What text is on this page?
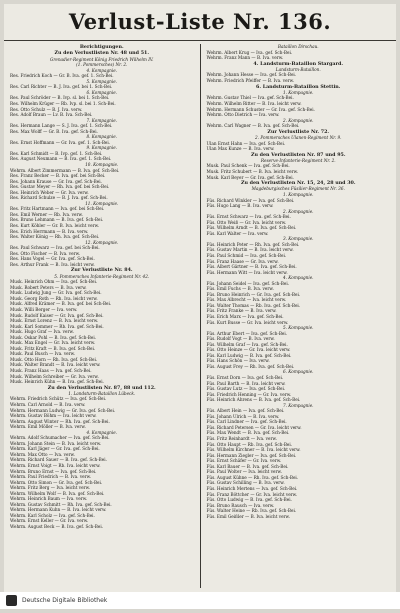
Verlust-Liste Nr. 136.
Berichtigungen.
Zu den Verlustlisten Nr. 48 und 51.
Grenadier-Regiment König Friedrich Wilhelm IV.
(1. Pommersches) Nr. 2.
4. Kompagnie.
Res. Friedrich Koch — Gr. B. Iva. gef. 1. Sch-Bei.
5. Kompagnie.
Res. Carl Richter — B. J. Iva. gef. bei 1. Sch-Bei.
6. Kompagnie.
Res. Paul Schröder — B. Ivp. sl. bei 1. Sch-Bei.
Res. Wilhelm Krüger — Rb. Ivp. sl. bei 1. Sch-Bei.
Res. Otto Schulz — B. J. Iva. verw.
Res. Adolf Braun — Lv. B. Iva. Sch-Bei.
7. Kompagnie.
Res. Hermann Lange — S. J. Iva. gef. 1. Sch-Bei.
Res. Max Wolff — Gr. B. Iva. gef. Sch-Bei.
8. Kompagnie.
Res. Ernst Hoffmann — Gr. Iva. gef. 1. Sch-Bei.
9. Kompagnie.
Res. Karl Schmidt — B. Ivp. gef. 1. Sch-Bei.
Res. August Neumann — B. Iva. gef. 1. Sch-Bei.
10. Kompagnie.
Wehrm. Albert Zimmermann — B. Iva. gef. Sch-Bei.
Res. Franz Becker — B. Iva. gef. bei Sch-Bei.
Res. Johann Krause — Gr. Iva. gef. Sch-Bei.
Res. Gustav Meyer — Rh. Iva. gef. bei Sch-Bei.
Res. Heinrich Weber — Gr. Iva. verw.
Res. Richard Schulze — B. J. Iva. gef. Sch-Bei.
11. Kompagnie.
Res. Fritz Hartmann — Iva. gef. bei Sch-Bei.
Res. Emil Werner — Rb. Iva. verw.
Res. Bruno Lehmann — B. Iva. gef. Sch-Bei.
Res. Kurt Köhler — Gr. B. Iva. leicht verw.
Res. Erich Herrmann — B. Iva. verw.
Res. Walter König — Rh. Iva. gef. Sch-Bei.
12. Kompagnie.
Res. Paul Schwarz — Iva. gef. bei Sch-Bei.
Res. Otto Fischer — B. Iva. verw.
Res. Hans Vogel — Gr. Iva. gef. Sch-Bei.
Res. Arthur Frank — B. Iva. leicht verw.
Zur Verlustliste Nr. 84.
5. Pommersches Infanterie-Regiment Nr. 42.
Musk. Heinrich Ohm — Iva. gef. Sch-Bei.
Musk. Robert Peters — B. Iva. verw.
Musk. Ludwig Jung — Gr. Iva. gef. Sch-Bei.
Musk. Georg Roth — Rh. Iva. leicht verw.
Musk. Alfred Krämer — B. Iva. gef. bei Sch-Bei.
Musk. Willi Berger — Iva. verw.
Musk. Rudolf Kaiser — Gr. Iva. gef. Sch-Bei.
Musk. Ernst Lorenz — B. Iva. leicht verw.
Musk. Karl Sommer — Rb. Iva. gef. Sch-Bei.
Musk. Hugo Graf — Iva. verw.
Musk. Oskar Pohl — B. Iva. gef. Sch-Bei.
Musk. Max Engel — Gr. Iva. leicht verw.
Musk. Fritz Kraft — B. Iva. gef. Sch-Bei.
Musk. Paul Busch — Iva. verw.
Musk. Otto Horn — Rh. Iva. gef. Sch-Bei.
Musk. Walter Brandt — B. Iva. leicht verw.
Musk. Franz Haas — Iva. gef. Sch-Bei.
Musk. Wilhelm Schreiber — Gr. Iva. verw.
Musk. Heinrich Kühn — B. Iva. gef. Sch-Bei.
Zu den Verlustlisten Nr. 87, 88 und 112.
1. Landsturm-Bataillon Lübeck.
Wehrm. Friedrich Schütz — Iva. gef. Sch-Bei.
Wehrm. Carl Arnold — B. Iva. verw.
Wehrm. Hermann Ludwig — Gr. Iva. gef. Sch-Bei.
Wehrm. Gustav Böhm — Iva. leicht verw.
Wehrm. August Winter — Rh. Iva. gef. Sch-Bei.
Wehrm. Emil Möller — B. Iva. verw.
4. Kompagnie.
Wehrm. Adolf Schumacher — Iva. gef. Sch-Bei.
Wehrm. Johann Stein — B. Iva. leicht verw.
Wehrm. Karl Jäger — Gr. Iva. gef. Sch-Bei.
Wehrm. Max Otto — Iva. verw.
Wehrm. Richard Sauer — B. Iva. gef. Sch-Bei.
Wehrm. Ernst Voigt — Rb. Iva. leicht verw.
Wehrm. Bruno Ernst — Iva. gef. Sch-Bei.
Wehrm. Paul Friedrich — B. Iva. verw.
Wehrm. Otto Simon — Gr. Iva. gef. Sch-Bei.
Wehrm. Fritz Berg — Iva. leicht verw.
Wehrm. Wilhelm Wolf — B. Iva. gef. Sch-Bei.
Wehrm. Heinrich Baum — Iva. verw.
Wehrm. Gustav Schmitt — Rh. Iva. gef. Sch-Bei.
Wehrm. Hermann Kuhn — B. Iva. leicht verw.
Wehrm. Karl Scholz — Iva. gef. Sch-Bei.
Wehrm. Ernst Keller — Gr. Iva. verw.
Wehrm. August Beck — B. Iva. gef. Sch-Bei.
Bataillon Dirschau.
Wehrm. Albert Krug — Iva. gef. Sch-Bei.
Wehrm. Franz Mann — B. Iva. verw.
4. Landsturm-Bataillon Stargard.
Landsturm-Bataillon.
Wehrm. Johann Hesse — Iva. gef. Sch-Bei.
Wehrm. Friedrich Pfeiffer — B. Iva. verw.
6. Landsturm-Bataillon Stettin.
1. Kompagnie.
Wehrm. Gustav Thiel — Iva. gef. Sch-Bei.
Wehrm. Wilhelm Ritter — B. Iva. leicht verw.
Wehrm. Hermann Schuster — Gr. Iva. gef. Sch-Bei.
Wehrm. Otto Dietrich — Iva. verw.
2. Kompagnie.
Wehrm. Carl Wagner — B. Iva. gef. Sch-Bei.
Zur Verlustliste Nr. 72.
2. Pommersches Ulanen-Regiment Nr. 9.
Ulan Ernst Hahn — Iva. gef. Sch-Bei.
Ulan Max Kunze — B. Iva. verw.
Zu den Verlustlisten Nr. 87 und 95.
Reserve-Infanterie-Regiment Nr. 2.
Musk. Paul Schenk — Iva. gef. Sch-Bei.
Musk. Fritz Schubert — B. Iva. leicht verw.
Musk. Karl Beyer — Gr. Iva. gef. Sch-Bei.
Zu den Verlustlisten Nr. 15, 24, 28 und 30.
Magdeburgisches Füsilier-Regiment Nr. 36.
1. Kompagnie.
Füs. Richard Winkler — Iva. gef. Sch-Bei.
Füs. Hugo Lang — B. Iva. verw.
2. Kompagnie.
Füs. Ernst Schwarz — Iva. gef. Sch-Bei.
Füs. Otto Weiß — Gr. Iva. leicht verw.
Füs. Wilhelm Arndt — B. Iva. gef. Sch-Bei.
Füs. Karl Walter — Iva. verw.
3. Kompagnie.
Füs. Heinrich Peter — Rh. Iva. gef. Sch-Bei.
Füs. Gustav Martin — B. Iva. leicht verw.
Füs. Paul Schmid — Iva. gef. Sch-Bei.
Füs. Franz Haase — Gr. Iva. verw.
Füs. Albert Gärtner — B. Iva. gef. Sch-Bei.
Füs. Hermann Witt — Iva. leicht verw.
4. Kompagnie.
Füs. Johann Seidel — Iva. gef. Sch-Bei.
Füs. Emil Fuchs — B. Iva. verw.
Füs. Bruno Heinrich — Gr. Iva. gef. Sch-Bei.
Füs. Max Albrecht — Iva. leicht verw.
Füs. Walter Thomas — Rb. Iva. gef. Sch-Bei.
Füs. Fritz Franke — B. Iva. verw.
Füs. Erich Marx — Iva. gef. Sch-Bei.
Füs. Kurt Busse — Gr. Iva. leicht verw.
5. Kompagnie.
Füs. Arthur Ebert — Iva. gef. Sch-Bei.
Füs. Rudolf Vogt — B. Iva. verw.
Füs. Wilhelm Graf — Iva. gef. Sch-Bei.
Füs. Otto Heinze — Gr. Iva. leicht verw.
Füs. Karl Ludwig — B. Iva. gef. Sch-Bei.
Füs. Hans Schön — Iva. verw.
Füs. August Frey — Rh. Iva. gef. Sch-Bei.
6. Kompagnie.
Füs. Ernst Dorn — Iva. gef. Sch-Bei.
Füs. Paul Barth — B. Iva. leicht verw.
Füs. Gustav Lutz — Iva. gef. Sch-Bei.
Füs. Friedrich Henning — Gr. Iva. verw.
Füs. Heinrich Ahrens — B. Iva. gef. Sch-Bei.
7. Kompagnie.
Füs. Albert Hein — Iva. gef. Sch-Bei.
Füs. Johann Ulrich — B. Iva. verw.
Füs. Carl Lindner — Iva. gef. Sch-Bei.
Füs. Richard Petersen — Gr. Iva. leicht verw.
Füs. Max Wendt — B. Iva. gef. Sch-Bei.
Füs. Fritz Reinhardt — Iva. verw.
Füs. Otto Haupt — Rb. Iva. gef. Sch-Bei.
Füs. Wilhelm Kirchner — B. Iva. leicht verw.
Füs. Hermann Ziegler — Iva. gef. Sch-Bei.
Füs. Ernst Schäfer — Gr. Iva. verw.
Füs. Karl Bauer — B. Iva. gef. Sch-Bei.
Füs. Paul Wolter — Iva. leicht verw.
Füs. August Kühne — Rh. Iva. gef. Sch-Bei.
Füs. Gustav Schilling — B. Iva. verw.
Füs. Heinrich Mertens — Iva. gef. Sch-Bei.
Füs. Franz Böttcher — Gr. Iva. leicht verw.
Füs. Otto Ludwig — B. Iva. gef. Sch-Bei.
Füs. Bruno Rausch — Iva. verw.
Füs. Walter Heine — Rb. Iva. gef. Sch-Bei.
Füs. Emil Geißler — B. Iva. leicht verw.
Deutsche Digitale Bibliothek
